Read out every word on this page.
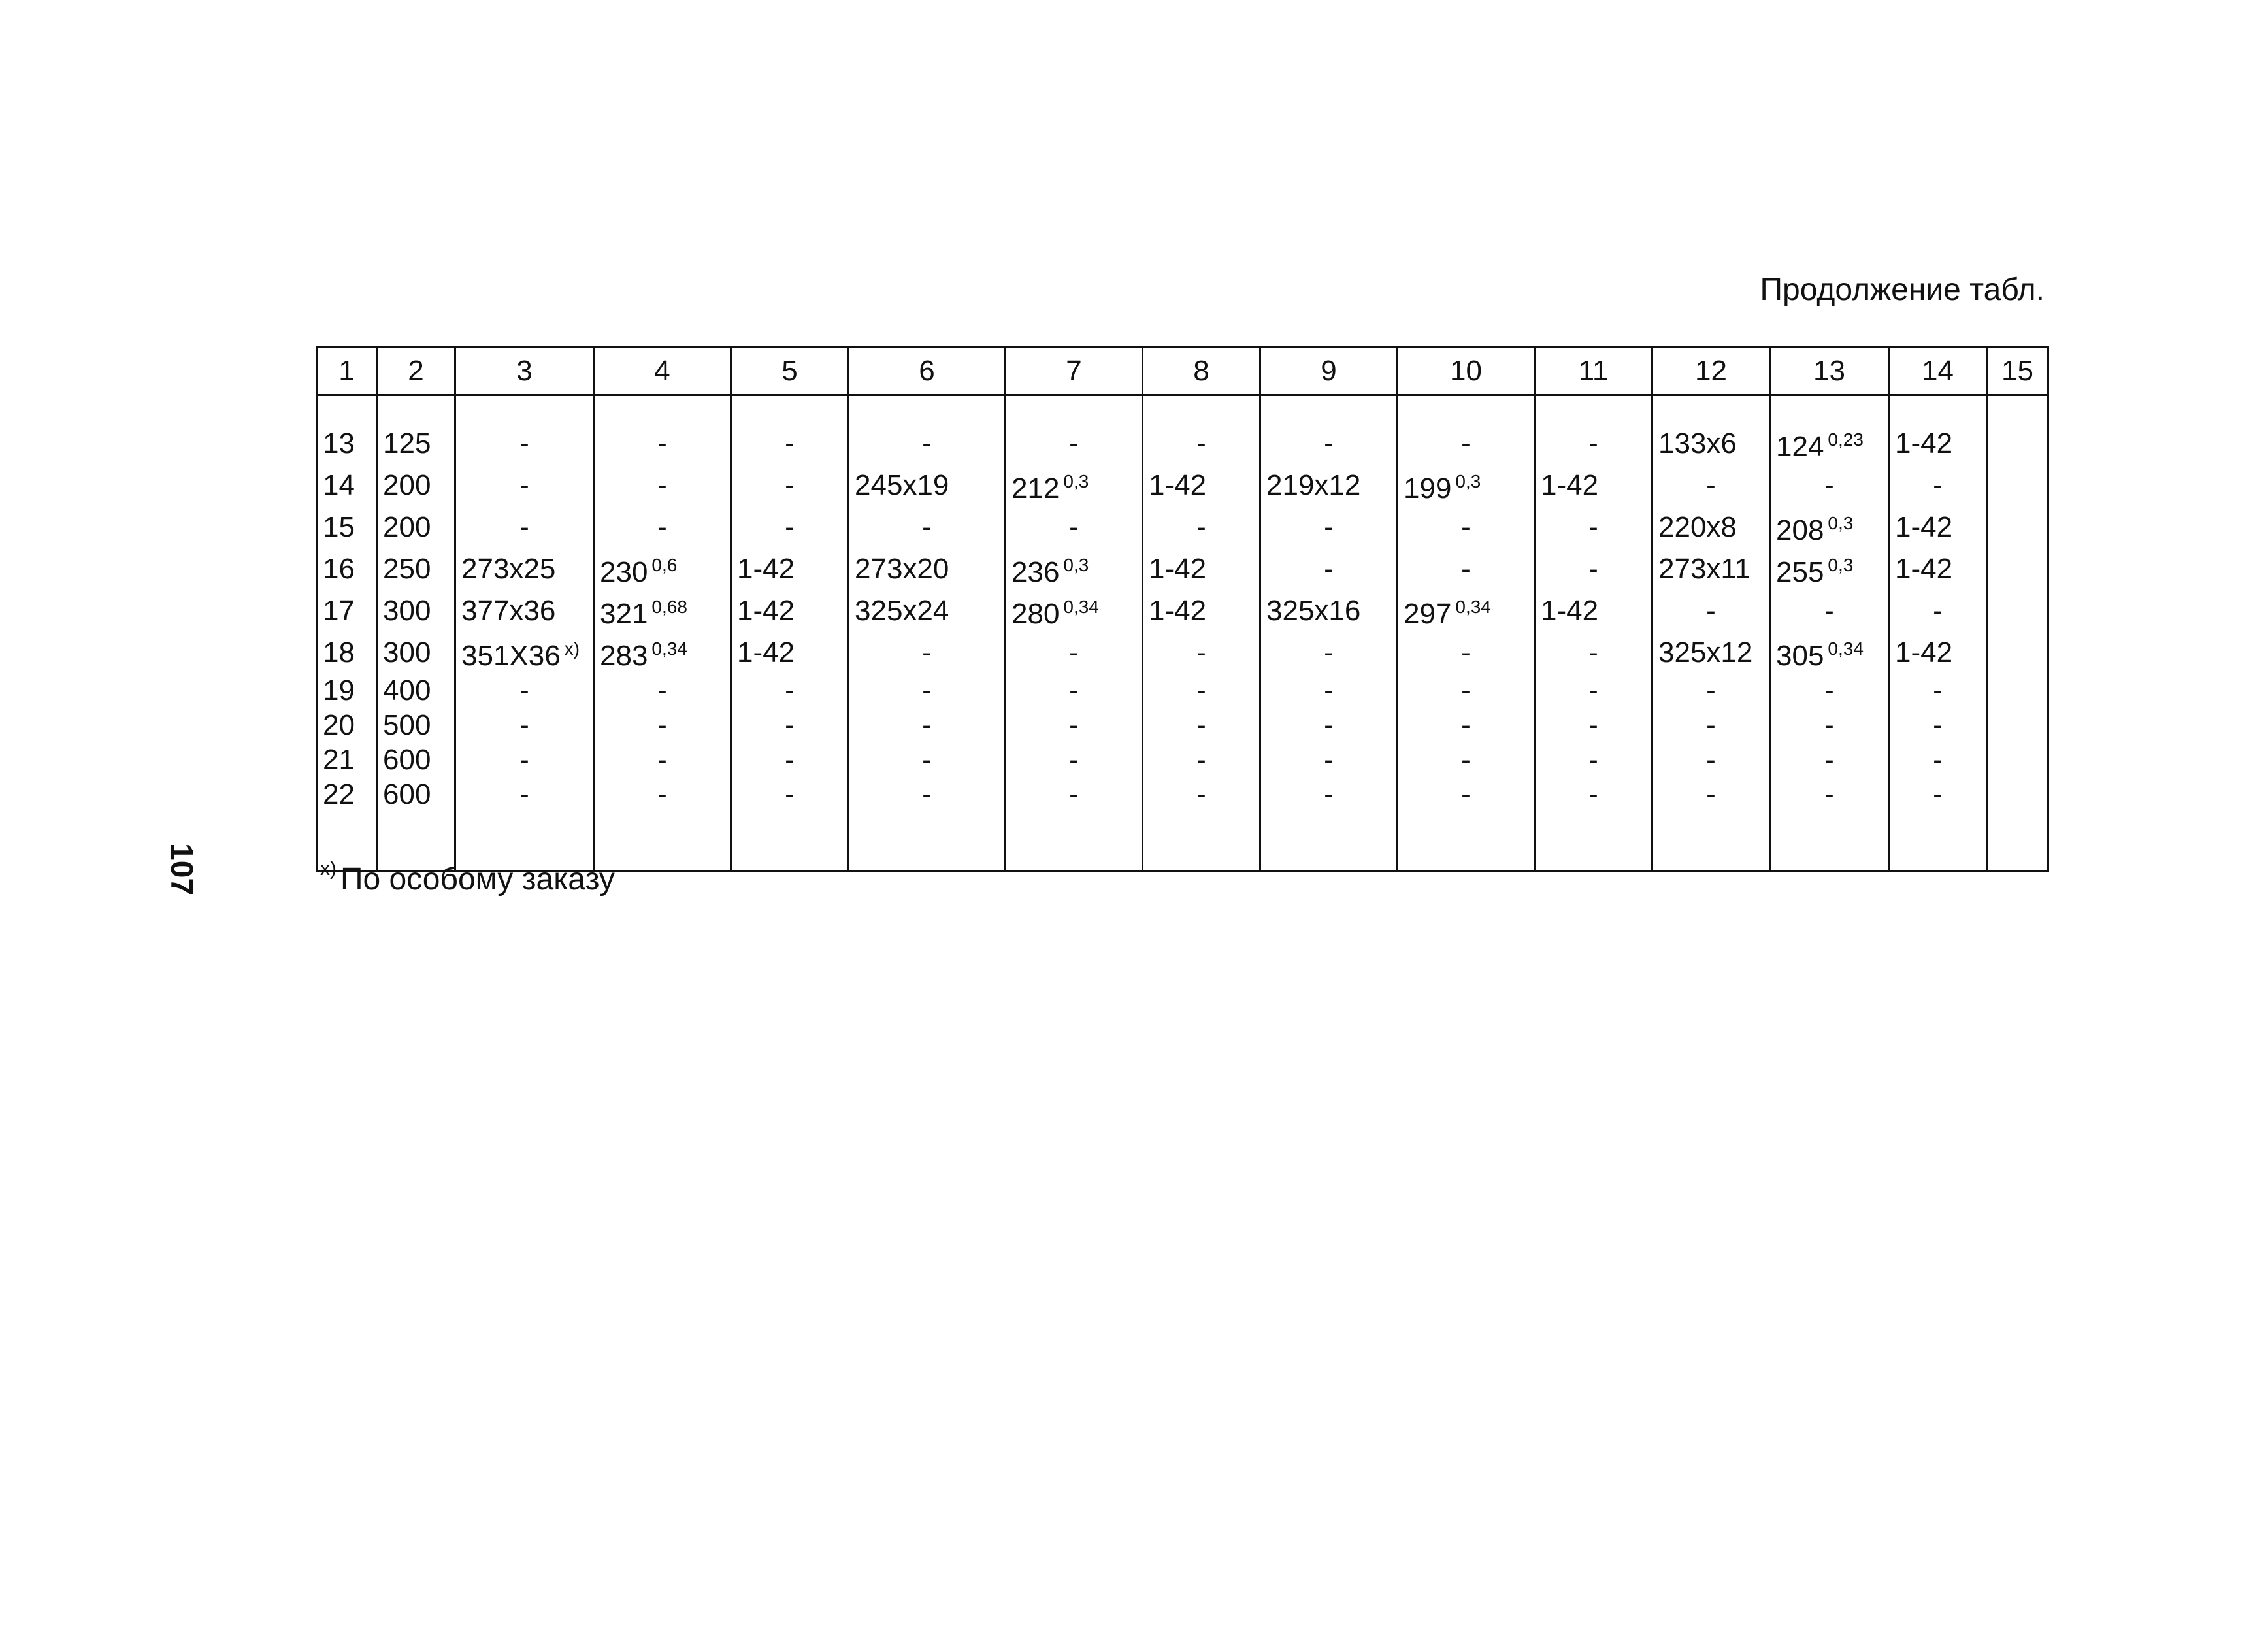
Продолжение табл.
107
1	2	3	4	5	6	7	8	9	10	11	12	13	14	15

13	125	-	-	-	-	-	-	-	-	-	133x6	124 $^{0,23}$	1-42	
14	200	-	-	-	245x19	212 $^{0,3}$	1-42	219x12	199 $^{0,3}$	1-42	-	-	-	
15	200	-	-	-	-	-	-	-	-	-	220x8	208 $^{0,3}$	1-42	
16	250	273x25	230 $^{0,6}$	1-42	273x20	236 $^{0,3}$	1-42	-	-	-	273x11	255 $^{0,3}$	1-42	
17	300	377x36	321 $^{0,68}$	1-42	325x24	280 $^{0,34}$	1-42	325x16	297 $^{0,34}$	1-42	-	-	-	
18	300	351X36 $^{x)}$	283 $^{0,34}$	1-42	-	-	-	-	-	-	325x12	305 $^{0,34}$	1-42	
19	400	-	-	-	-	-	-	-	-	-	-	-	-	
20	500	-	-	-	-	-	-	-	-	-	-	-	-	
21	600	-	-	-	-	-	-	-	-	-	-	-	-	
22	600	-	-	-	-	-	-	-	-	-	-	-	-	

$^{x)}$ По особому заказу
